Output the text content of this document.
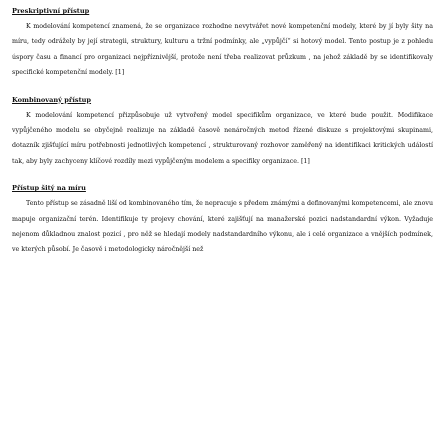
Preskriptivní přístup

K modelování kompetencí znamená, že se organizace rozhodne nevytvářet nové kompetenční modely, které by jí byly šity na míru, tedy odrážely by její strategii, struktury, kulturu a tržní podmínky, ale „vypůjčí“ si hotový model. Tento postup je z pohledu úspory času a financí pro organizaci nejpříznivější, protože není třeba realizovat průzkum , na jehož základě by se identifikovaly specifické kompetenční modely. [1]

Kombinovaný přístup

K modelování kompetencí přizpůsobuje už vytvořený model specifikům organizace, ve které bude použit. Modifikace vypůjčeného modelu se obyčejně realizuje na základě časově nenáročných metod řízené diskuze s projektovými skupinami, dotazník zjišťující míru potřebnosti jednotlivých kompetencí , strukturovaný rozhovor zaměřený na identifikaci kritických událostí tak, aby byly zachyceny klíčové rozdíly mezi vypůjčeným modelem a specifiky organizace. [1]

Přístup šitý na míru

Tento přístup se zásadně liší od kombinovaného tím, že nepracuje s předem známými a definovanými kompetencemi, ale znovu mapuje organizační terén. Identifikuje ty projevy chování, které zajišťují na manažerské pozici nadstandardní výkon. Vyžaduje nejenom důkladnou znalost pozicí , pro něž se hledají modely nadstandardního výkonu, ale i celé organizace a vnějších podmínek, ve kterých působí. Je časově i metodologicky náročnější než
